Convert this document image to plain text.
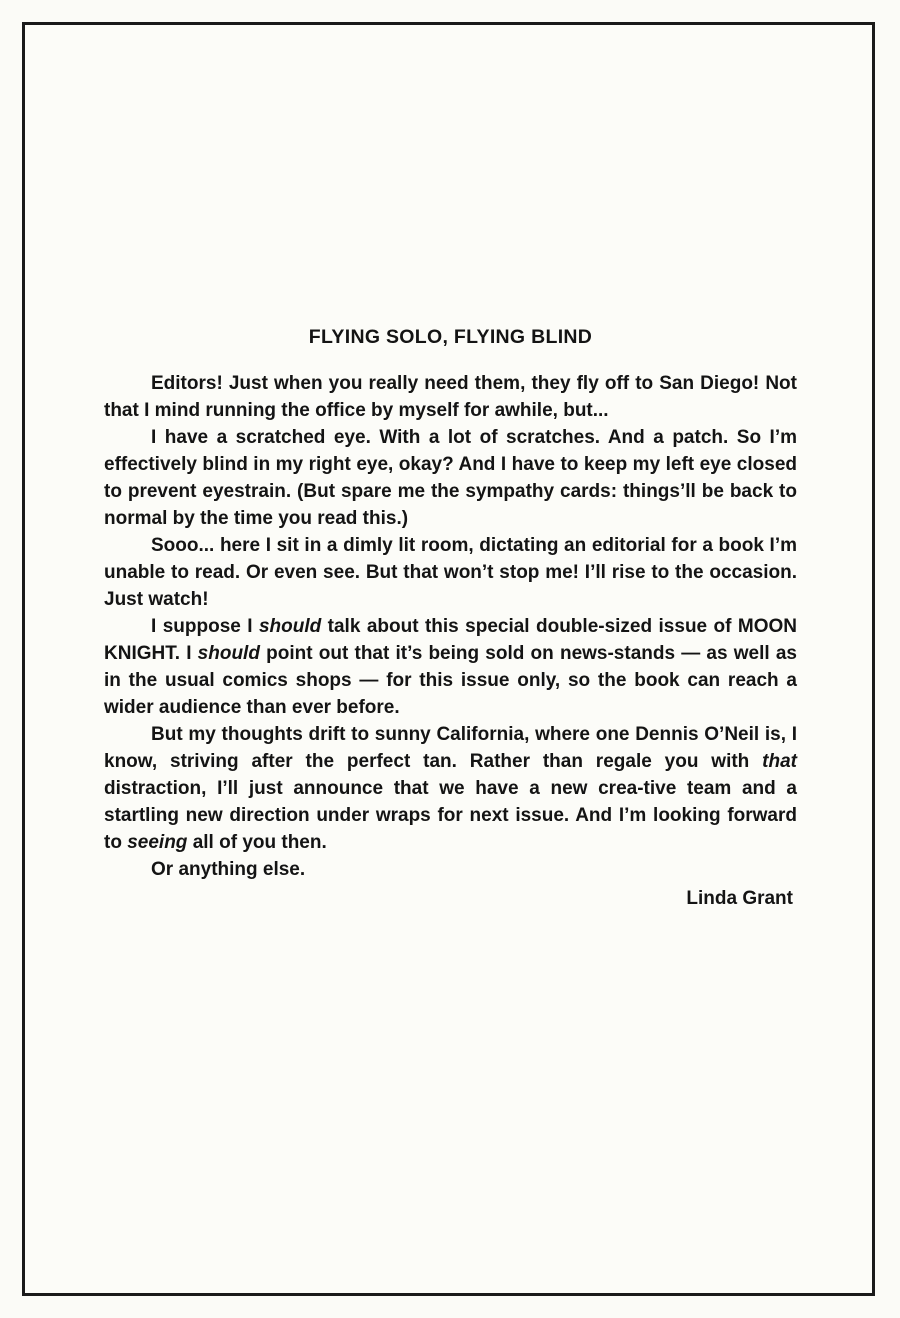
FLYING SOLO, FLYING BLIND

Editors! Just when you really need them, they fly off to San Diego! Not that I mind running the office by myself for awhile, but...

I have a scratched eye. With a lot of scratches. And a patch. So I’m effectively blind in my right eye, okay? And I have to keep my left eye closed to prevent eyestrain. (But spare me the sympathy cards: things’ll be back to normal by the time you read this.)

Sooo... here I sit in a dimly lit room, dictating an editorial for a book I’m unable to read. Or even see. But that won’t stop me! I’ll rise to the occasion. Just watch!

I suppose I should talk about this special double-sized issue of MOON KNIGHT. I should point out that it’s being sold on news-stands — as well as in the usual comics shops — for this issue only, so the book can reach a wider audience than ever before.

But my thoughts drift to sunny California, where one Dennis O’Neil is, I know, striving after the perfect tan. Rather than regale you with that distraction, I’ll just announce that we have a new crea-tive team and a startling new direction under wraps for next issue. And I’m looking forward to seeing all of you then.

Or anything else.

Linda Grant
